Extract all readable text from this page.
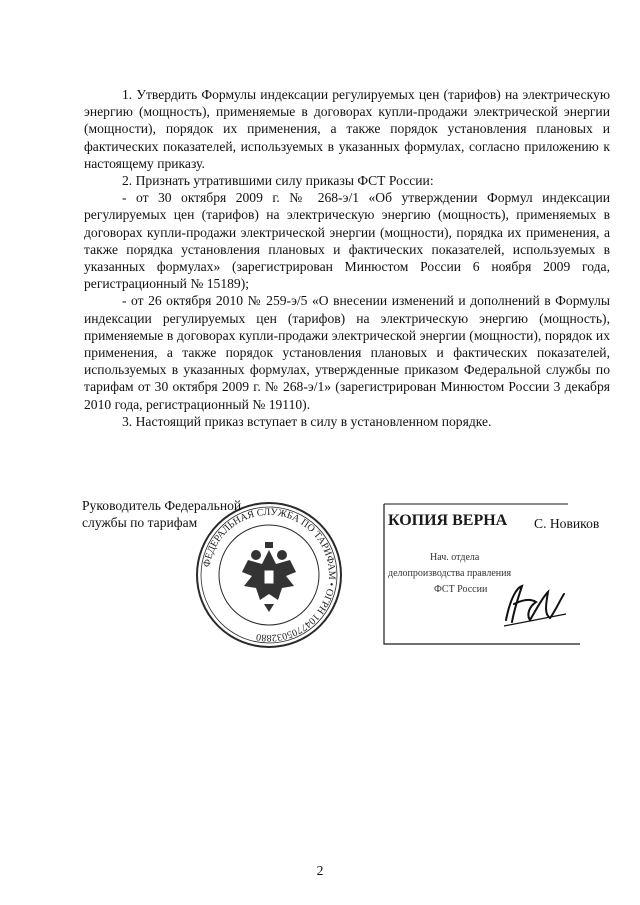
1. Утвердить Формулы индексации регулируемых цен (тарифов) на электрическую энергию (мощность), применяемые в договорах купли-продажи электрической энергии (мощности), порядок их применения, а также порядок установления плановых и фактических показателей, используемых в указанных формулах, согласно приложению к настоящему приказу.

2. Признать утратившими силу приказы ФСТ России:

- от 30 октября 2009 г. № 268-э/1 «Об утверждении Формул индексации регулируемых цен (тарифов) на электрическую энергию (мощность), применяемых в договорах купли-продажи электрической энергии (мощности), порядка их применения, а также порядка установления плановых и фактических показателей, используемых в указанных формулах» (зарегистрирован Минюстом России 6 ноября 2009 года, регистрационный № 15189);

- от 26 октября 2010 № 259-э/5 «О внесении изменений и дополнений в Формулы индексации регулируемых цен (тарифов) на электрическую энергию (мощность), применяемые в договорах купли-продажи электрической энергии (мощности), порядок их применения, а также порядок установления плановых и фактических показателей, используемых в указанных формулах, утвержденные приказом Федеральной службы по тарифам от 30 октября 2009 г. № 268-э/1» (зарегистрирован Минюстом России 3 декабря 2010 года, регистрационный № 19110).

3. Настоящий приказ вступает в силу в установленном порядке.

ФЕДЕРАЛЬНАЯ СЛУЖБА ПО ТАРИФАМ • ОГРН 1047705032880
КОПИЯ ВЕРНА
Нач. отдела
делопроизводства правления
ФСТ России
Руководитель Федеральной
службы по тарифам	С. Новиков
2
